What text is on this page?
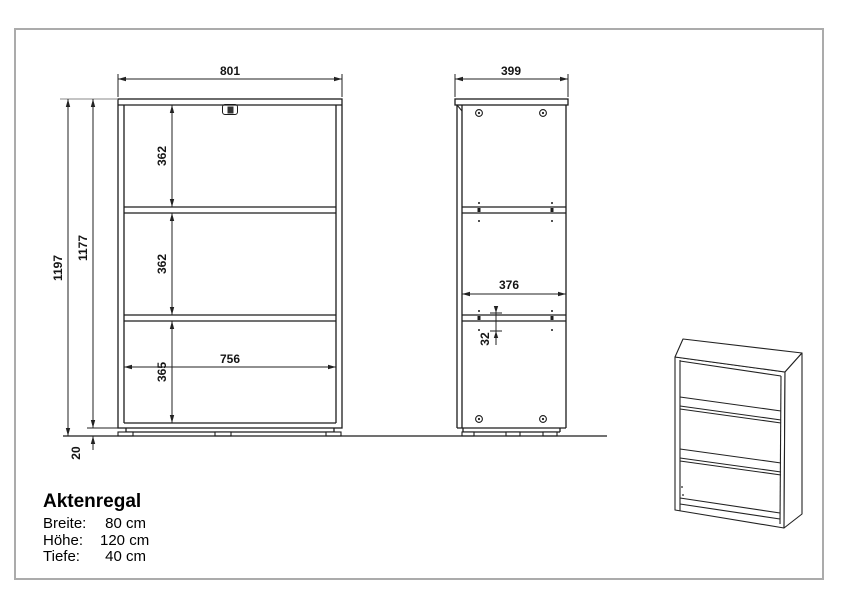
801	399
1197
1177
20
362
362
365
756
376
32
Aktenregal
Breite: 80 cm
Höhe: 120 cm
Tiefe: 40 cm
